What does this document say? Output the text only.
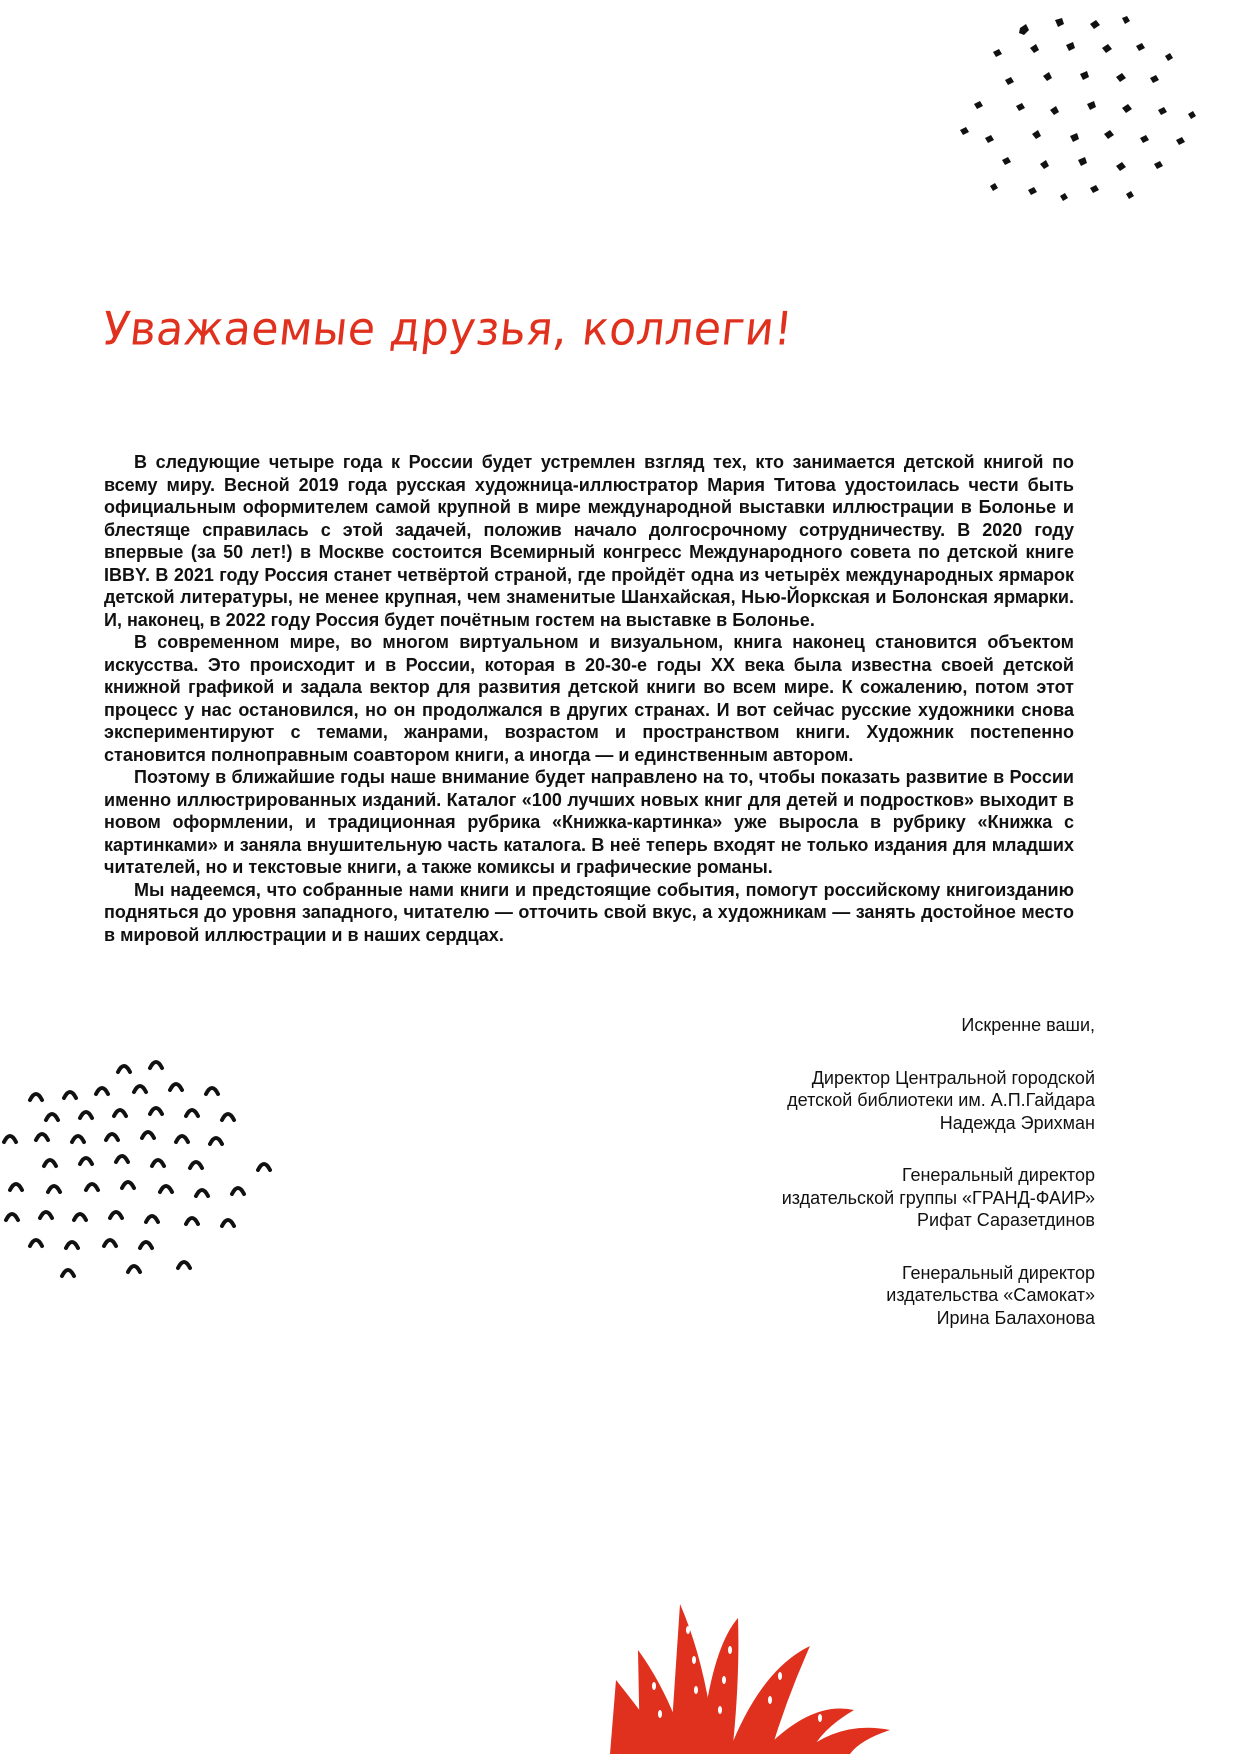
Уважаемые друзья, коллеги!

В следующие четыре года к России будет устремлен взгляд тех, кто занимается детской книгой по всему миру. Весной 2019 года русская художница-иллюстратор Мария Титова удостоилась чести быть официальным оформителем самой крупной в мире международной выставки иллюстрации в Болонье и блестяще справилась с этой задачей, положив начало долгосрочному сотрудничеству. В 2020 году впервые (за 50 лет!) в Москве состоится Всемирный конгресс Международного совета по детской книге IBBY. В 2021 году Россия станет четвёртой страной, где пройдёт одна из четырёх международных ярмарок детской литературы, не менее крупная, чем знаменитые Шанхайская, Нью-Йоркская и Болонская ярмарки. И, наконец, в 2022 году Россия будет почётным гостем на выставке в Болонье.

В современном мире, во многом виртуальном и визуальном, книга наконец становится объектом искусства. Это происходит и в России, которая в 20-30-е годы XX века была известна своей детской книжной графикой и задала вектор для развития детской книги во всем мире. К сожалению, потом этот процесс у нас остановился, но он продолжался в других странах. И вот сейчас русские художники снова экспериментируют с темами, жанрами, возрастом и пространством книги. Художник постепенно становится полноправным соавтором книги, а иногда — и единственным автором.

Поэтому в ближайшие годы наше внимание будет направлено на то, чтобы показать развитие в России именно иллюстрированных изданий. Каталог «100 лучших новых книг для детей и подростков» выходит в новом оформлении, и традиционная рубрика «Книжка-картинка» уже выросла в рубрику «Книжка с картинками» и заняла внушительную часть каталога. В неё теперь входят не только издания для младших читателей, но и текстовые книги, а также комиксы и графические романы.

Мы надеемся, что собранные нами книги и предстоящие события, помогут российскому книгоизданию подняться до уровня западного, читателю — отточить свой вкус, а художникам — занять достойное место в мировой иллюстрации и в наших сердцах.

Искренне ваши,

Директор Центральной городской
детской библиотеки им. А.П.Гайдара
Надежда Эрихман
Генеральный директор
издательской группы «ГРАНД-ФАИР»
Рифат Саразетдинов
Генеральный директор
издательства «Самокат»
Ирина Балахонова
